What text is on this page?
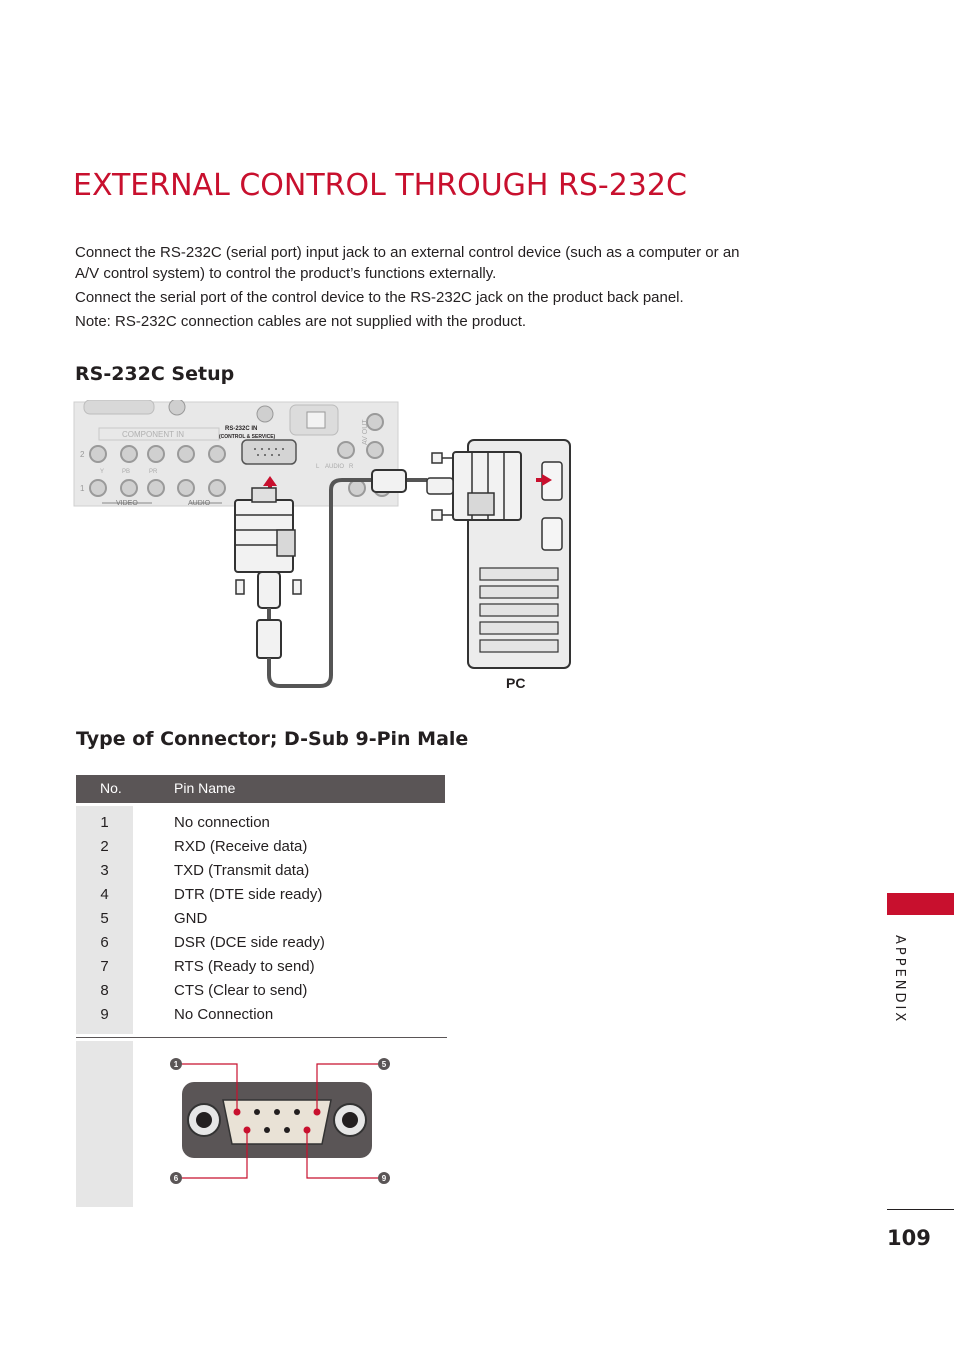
EXTERNAL CONTROL THROUGH RS-232C

Connect the RS-232C (serial port) input jack to an external control device (such as a computer or an A/V control system) to control the product’s functions externally.

Connect the serial port of the control device to the RS-232C jack on the product back panel.

Note: RS-232C connection cables are not supplied with the product.

RS-232C Setup
COMPONENT IN
2
1
Y	PB	PR
VIDEO	AUDIO
L AUDIO R
AV OUT
RS-232C IN
(CONTROL & SERVICE)
PC
Type of Connector; D-Sub 9-Pin Male
No.	Pin Name
1	No connection
2	RXD (Receive data)
3	TXD (Transmit data)
4	DTR (DTE side ready)
5	GND
6	DSR (DCE side ready)
7	RTS (Ready to send)
8	CTS (Clear to send)
9	No Connection
1	5
6	9
APPENDIX
109
